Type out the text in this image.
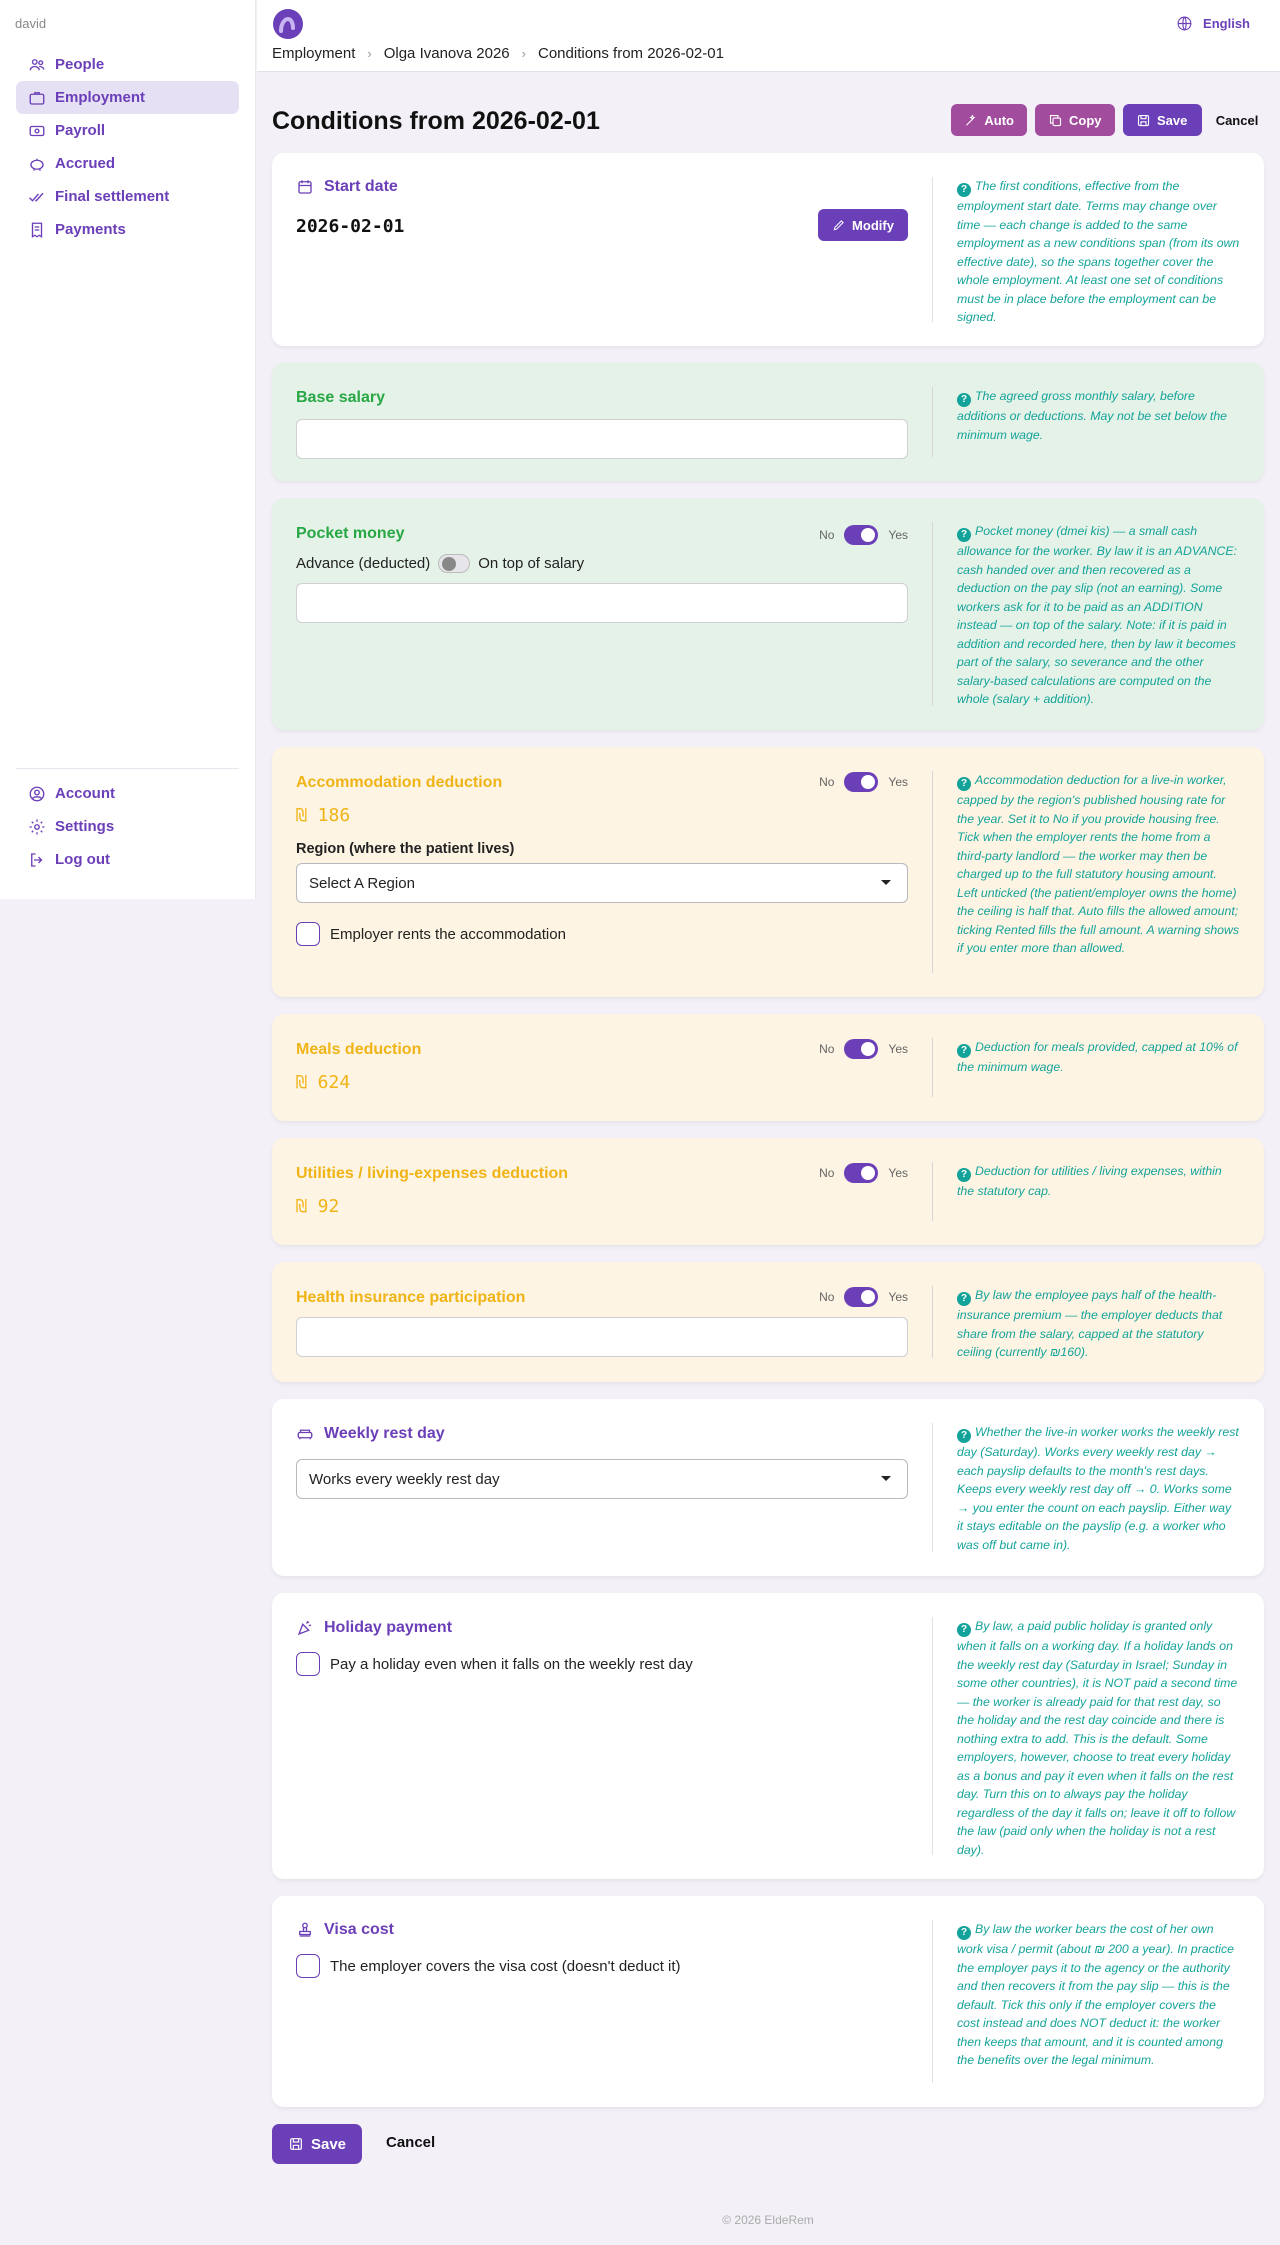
david
People
Employment
Payroll
Accrued
Final settlement
Payments
Account
Settings
Log out
Employment › Olga Ivanova 2026 › Conditions from 2026-02-01
English
Conditions from 2026-02-01	Auto	Copy	Save	Cancel
Start date
2026-02-01	Modify
? The first conditions, effective from the employment start date. Terms may change over time — each change is added to the same employment as a new conditions span (from its own effective date), so the spans together cover the whole employment. At least one set of conditions must be in place before the employment can be signed.
Base salary	? The agreed gross monthly salary, before additions or deductions. May not be set below the minimum wage.
Pocket money	No	Yes
Advance (deducted)	On top of salary
? Pocket money (dmei kis) — a small cash allowance for the worker. By law it is an ADVANCE: cash handed over and then recovered as a deduction on the pay slip (not an earning). Some workers ask for it to be paid as an ADDITION instead — on top of the salary. Note: if it is paid in addition and recorded here, then by law it becomes part of the salary, so severance and the other salary-based calculations are computed on the whole (salary + addition).
Accommodation deduction	No	Yes
₪ 186
Region (where the patient lives)
Select A Region
Employer rents the accommodation
? Accommodation deduction for a live-in worker, capped by the region's published housing rate for the year. Set it to No if you provide housing free. Tick when the employer rents the home from a third-party landlord — the worker may then be charged up to the full statutory housing amount. Left unticked (the patient/employer owns the home) the ceiling is half that. Auto fills the allowed amount; ticking Rented fills the full amount. A warning shows if you enter more than allowed.
Meals deduction	No	Yes
₪ 624
? Deduction for meals provided, capped at 10% of the minimum wage.
Utilities / living-expenses deduction	No	Yes
₪ 92
? Deduction for utilities / living expenses, within the statutory cap.
Health insurance participation	No	Yes	? By law the employee pays half of the health-insurance premium — the employer deducts that share from the salary, capped at the statutory ceiling (currently ₪160).
Weekly rest day
Works every weekly rest day
? Whether the live-in worker works the weekly rest day (Saturday). Works every weekly rest day → each payslip defaults to the month's rest days. Keeps every weekly rest day off → 0. Works some → you enter the count on each payslip. Either way it stays editable on the payslip (e.g. a worker who was off but came in).
Holiday payment
Pay a holiday even when it falls on the weekly rest day
? By law, a paid public holiday is granted only when it falls on a working day. If a holiday lands on the weekly rest day (Saturday in Israel; Sunday in some other countries), it is NOT paid a second time — the worker is already paid for that rest day, so the holiday and the rest day coincide and there is nothing extra to add. This is the default. Some employers, however, choose to treat every holiday as a bonus and pay it even when it falls on the rest day. Turn this on to always pay the holiday regardless of the day it falls on; leave it off to follow the law (paid only when the holiday is not a rest day).
Visa cost
The employer covers the visa cost (doesn't deduct it)
? By law the worker bears the cost of her own work visa / permit (about ₪ 200 a year). In practice the employer pays it to the agency or the authority and then recovers it from the pay slip — this is the default. Tick this only if the employer covers the cost instead and does NOT deduct it: the worker then keeps that amount, and it is counted among the benefits over the legal minimum.
Save	Cancel
© 2026 EldeRem
